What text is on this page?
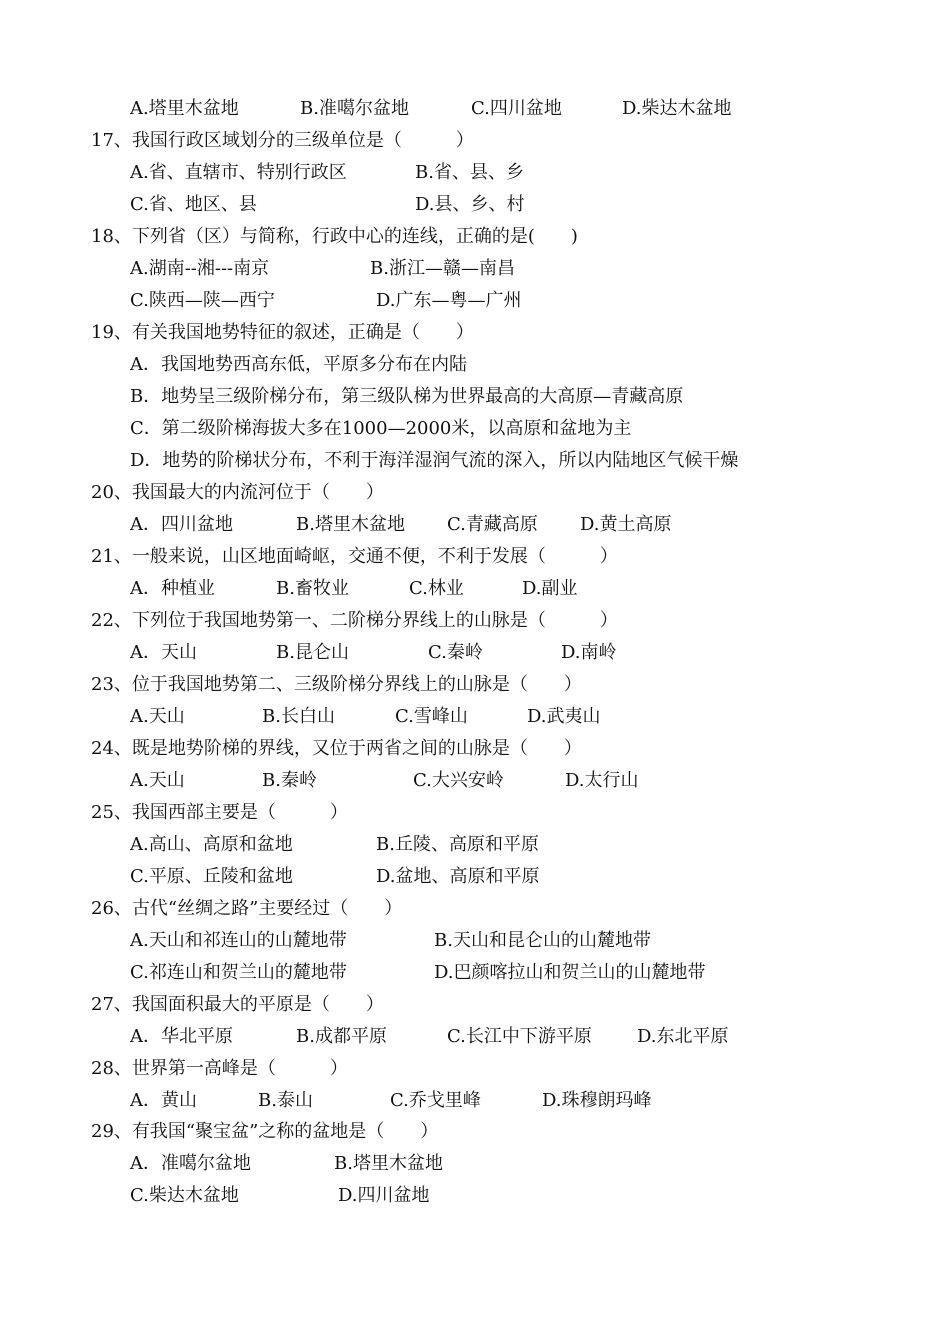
A.塔里木盆地	B.准噶尔盆地	C.四川盆地	D.柴达木盆地
17、我国行政区域划分的三级单位是（　　　）
A.省、直辖市、特别行政区	B.省、县、乡
C.省、地区、县	D.县、乡、村
18、下列省（区）与简称，行政中心的连线，正确的是(　　)
A.湖南--湘---南京	B.浙江—赣—南昌
C.陕西—陕—西宁	D.广东—粤—广州
19、有关我国地势特征的叙述，正确是（　　）
A．我国地势西高东低，平原多分布在内陆
B．地势呈三级阶梯分布，第三级队梯为世界最高的大高原—青藏高原
C．第二级阶梯海拔大多在1000—2000米，以高原和盆地为主
D．地势的阶梯状分布，不利于海洋湿润气流的深入，所以内陆地区气候干燥
20、我国最大的内流河位于（　　）
A．四川盆地	B.塔里木盆地 C.青藏高原 D.黄土高原
21、一般来说，山区地面崎岖，交通不便，不利于发展（　　　）
A．种植业	B.畜牧业	C.林业	D.副业
22、下列位于我国地势第一、二阶梯分界线上的山脉是（　　　）
A．天山	B.昆仑山	C.秦岭	D.南岭
23、位于我国地势第二、三级阶梯分界线上的山脉是（　　）
A.天山	B.长白山	C.雪峰山	D.武夷山
24、既是地势阶梯的界线，又位于两省之间的山脉是（　　）
A.天山	B.秦岭	C.大兴安岭	D.太行山
25、我国西部主要是（　　　）
A.高山、高原和盆地	B.丘陵、高原和平原
C.平原、丘陵和盆地	D.盆地、高原和平原
26、古代“丝绸之路”主要经过（　　）
A.天山和祁连山的山麓地带	B.天山和昆仑山的山麓地带
C.祁连山和贺兰山的麓地带	D.巴颜喀拉山和贺兰山的山麓地带
27、我国面积最大的平原是（　　）
A．华北平原	B.成都平原	C.长江中下游平原	D.东北平原
28、世界第一高峰是（　　　）
A．黄山	B.泰山	C.乔戈里峰	D.珠穆朗玛峰
29、有我国“聚宝盆”之称的盆地是（　　）
A．准噶尔盆地	B.塔里木盆地
C.柴达木盆地	D.四川盆地
